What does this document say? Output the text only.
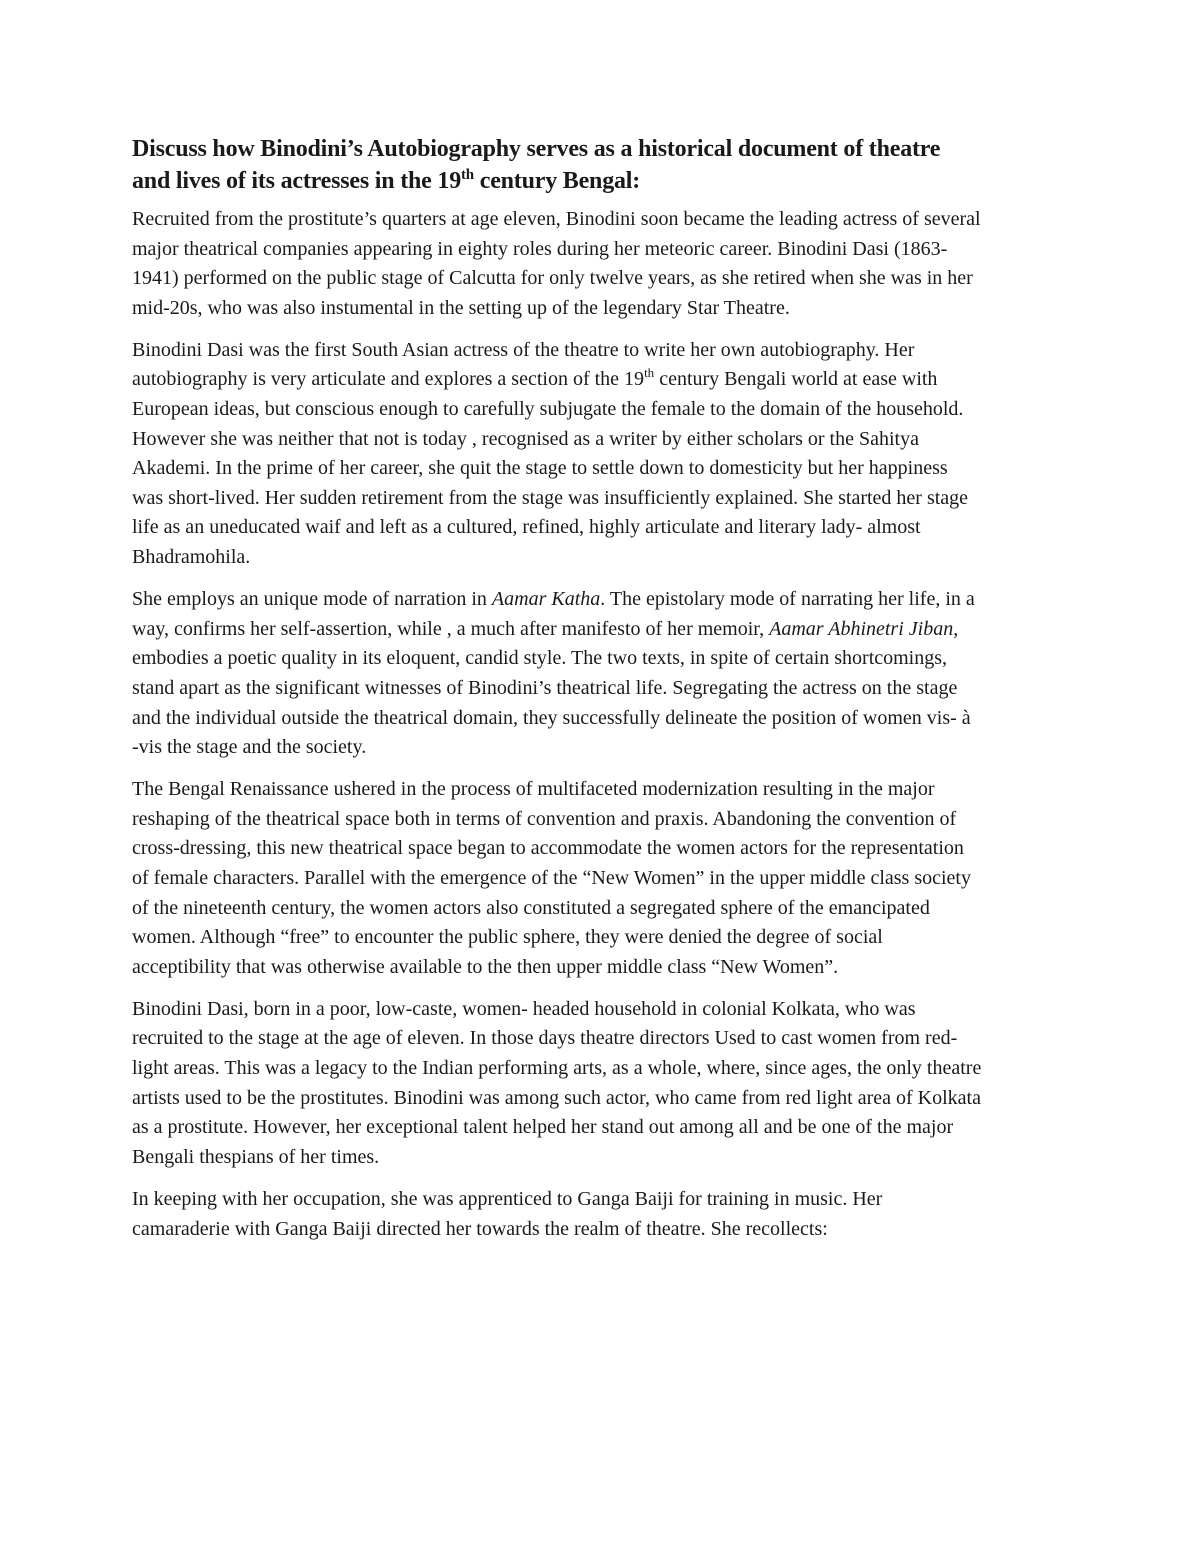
Discuss how Binodini’s Autobiography serves as a historical document of theatre and lives of its actresses in the 19th century Bengal:

Recruited from the prostitute’s quarters at age eleven, Binodini soon became the leading actress of several major theatrical companies appearing in eighty roles during her meteoric career. Binodini Dasi (1863-1941) performed on the public stage of Calcutta for only twelve years, as she retired when she was in her mid-20s, who was also instumental in the setting up of the legendary Star Theatre.

Binodini Dasi was the first South Asian actress of the theatre to write her own autobiography. Her autobiography is very articulate and explores a section of the 19th century Bengali world at ease with European ideas, but conscious enough to carefully subjugate the female to the domain of the household. However she was neither that not is today , recognised as a writer by either scholars or the Sahitya Akademi. In the prime of her career, she quit the stage to settle down to domesticity but her happiness was short-lived. Her sudden retirement from the stage was insufficiently explained. She started her stage life as an uneducated waif and left as a cultured, refined, highly articulate and literary lady- almost Bhadramohila.

She employs an unique mode of narration in Aamar Katha. The epistolary mode of narrating her life, in a way, confirms her self-assertion, while , a much after manifesto of her memoir, Aamar Abhinetri Jiban, embodies a poetic quality in its eloquent, candid style. The two texts, in spite of certain shortcomings, stand apart as the significant witnesses of Binodini’s theatrical life. Segregating the actress on the stage and the individual outside the theatrical domain, they successfully delineate the position of women vis- à -vis the stage and the society.

The Bengal Renaissance ushered in the process of multifaceted modernization resulting in the major reshaping of the theatrical space both in terms of convention and praxis. Abandoning the convention of cross-dressing, this new theatrical space began to accommodate the women actors for the representation of female characters. Parallel with the emergence of the “New Women” in the upper middle class society of the nineteenth century, the women actors also constituted a segregated sphere of the emancipated women. Although “free” to encounter the public sphere, they were denied the degree of social acceptibility that was otherwise available to the then upper middle class “New Women”.

Binodini Dasi, born in a poor, low-caste, women- headed household in colonial Kolkata, who was recruited to the stage at the age of eleven. In those days theatre directors Used to cast women from red-light areas. This was a legacy to the Indian performing arts, as a whole, where, since ages, the only theatre artists used to be the prostitutes. Binodini was among such actor, who came from red light area of Kolkata as a prostitute. However, her exceptional talent helped her stand out among all and be one of the major Bengali thespians of her times.

In keeping with her occupation, she was apprenticed to Ganga Baiji for training in music. Her camaraderie with Ganga Baiji directed her towards the realm of theatre. She recollects:
